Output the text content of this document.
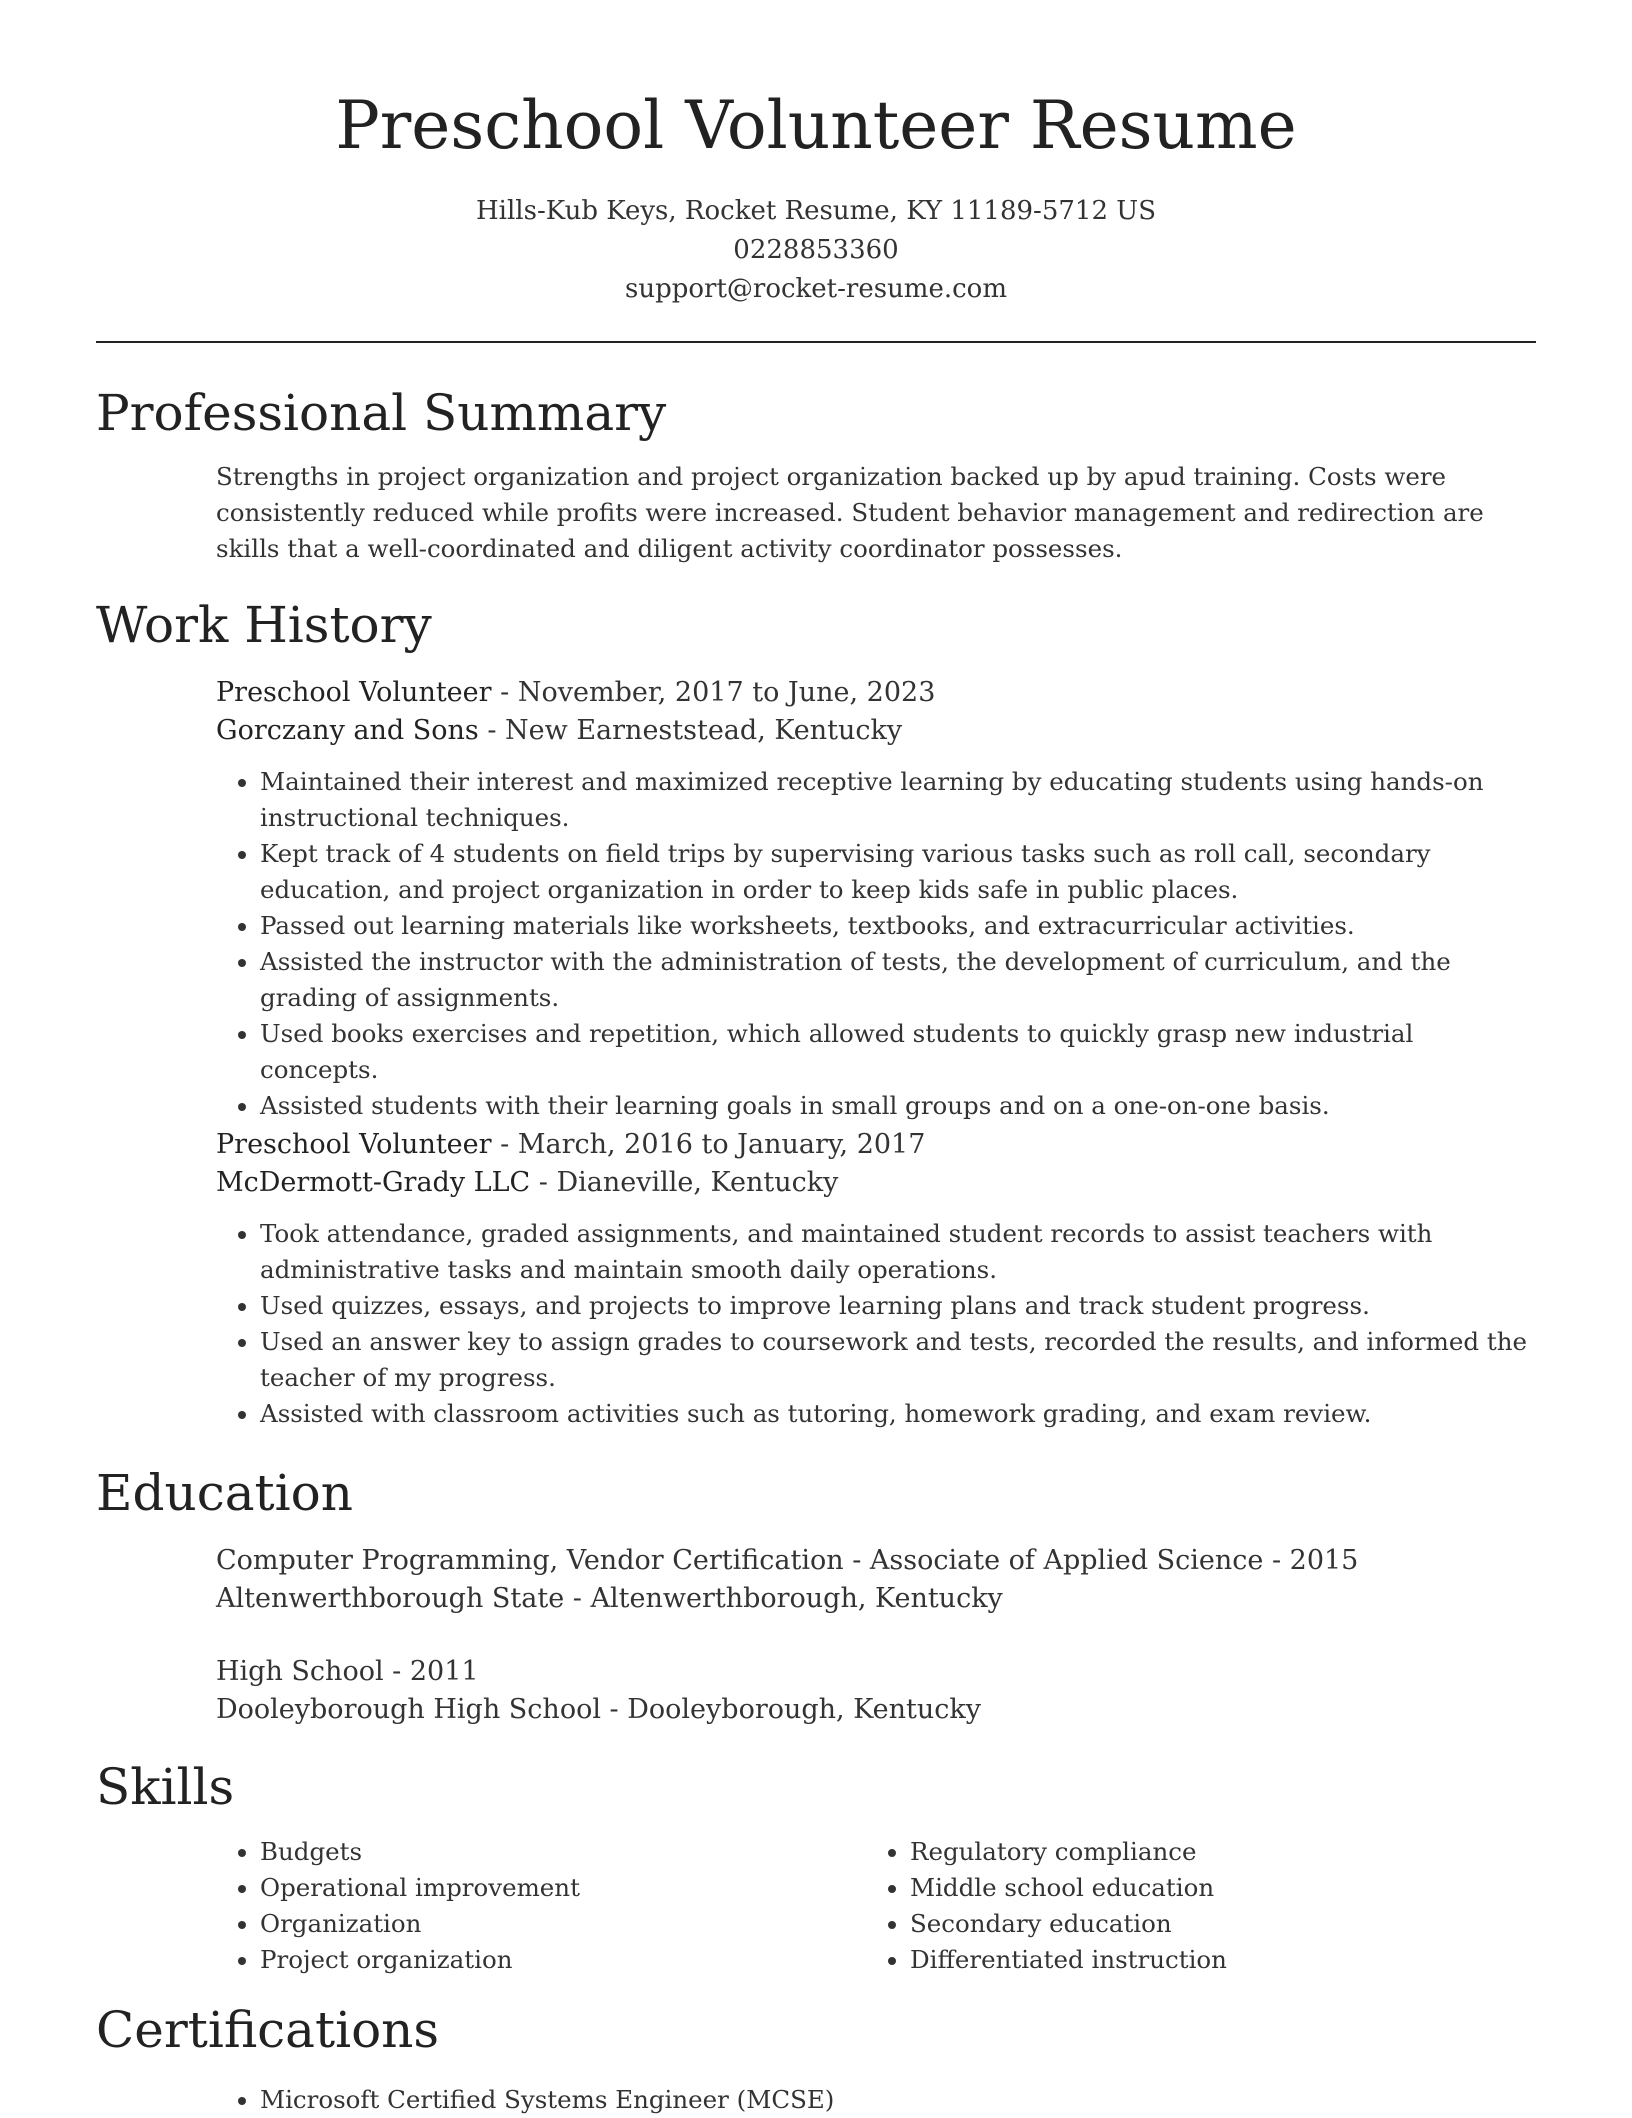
Preschool Volunteer Resume

Hills-Kub Keys, Rocket Resume, KY 11189-5712 US

0228853360

support@rocket-resume.com

Professional Summary

Strengths in project organization and project organization backed up by apud training. Costs were consistently reduced while profits were increased. Student behavior management and redirection are skills that a well-coordinated and diligent activity coordinator possesses.

Work History
Preschool Volunteer - November, 2017 to June, 2023
Gorczany and Sons - New Earneststead, Kentucky
• Maintained their interest and maximized receptive learning by educating students using hands-on instructional techniques.
• Kept track of 4 students on field trips by supervising various tasks such as roll call, secondary education, and project organization in order to keep kids safe in public places.
• Passed out learning materials like worksheets, textbooks, and extracurricular activities.
• Assisted the instructor with the administration of tests, the development of curriculum, and the grading of assignments.
• Used books exercises and repetition, which allowed students to quickly grasp new industrial concepts.
• Assisted students with their learning goals in small groups and on a one-on-one basis.
Preschool Volunteer - March, 2016 to January, 2017
McDermott-Grady LLC - Dianeville, Kentucky
• Took attendance, graded assignments, and maintained student records to assist teachers with administrative tasks and maintain smooth daily operations.
• Used quizzes, essays, and projects to improve learning plans and track student progress.
• Used an answer key to assign grades to coursework and tests, recorded the results, and informed the teacher of my progress.
• Assisted with classroom activities such as tutoring, homework grading, and exam review.
Education
Computer Programming, Vendor Certification - Associate of Applied Science - 2015
Altenwerthborough State - Altenwerthborough, Kentucky
High School - 2011
Dooleyborough High School - Dooleyborough, Kentucky
Skills
• Budgets
• Operational improvement
• Organization
• Project organization
• Regulatory compliance
• Middle school education
• Secondary education
• Differentiated instruction
Certifications
• Microsoft Certified Systems Engineer (MCSE)
